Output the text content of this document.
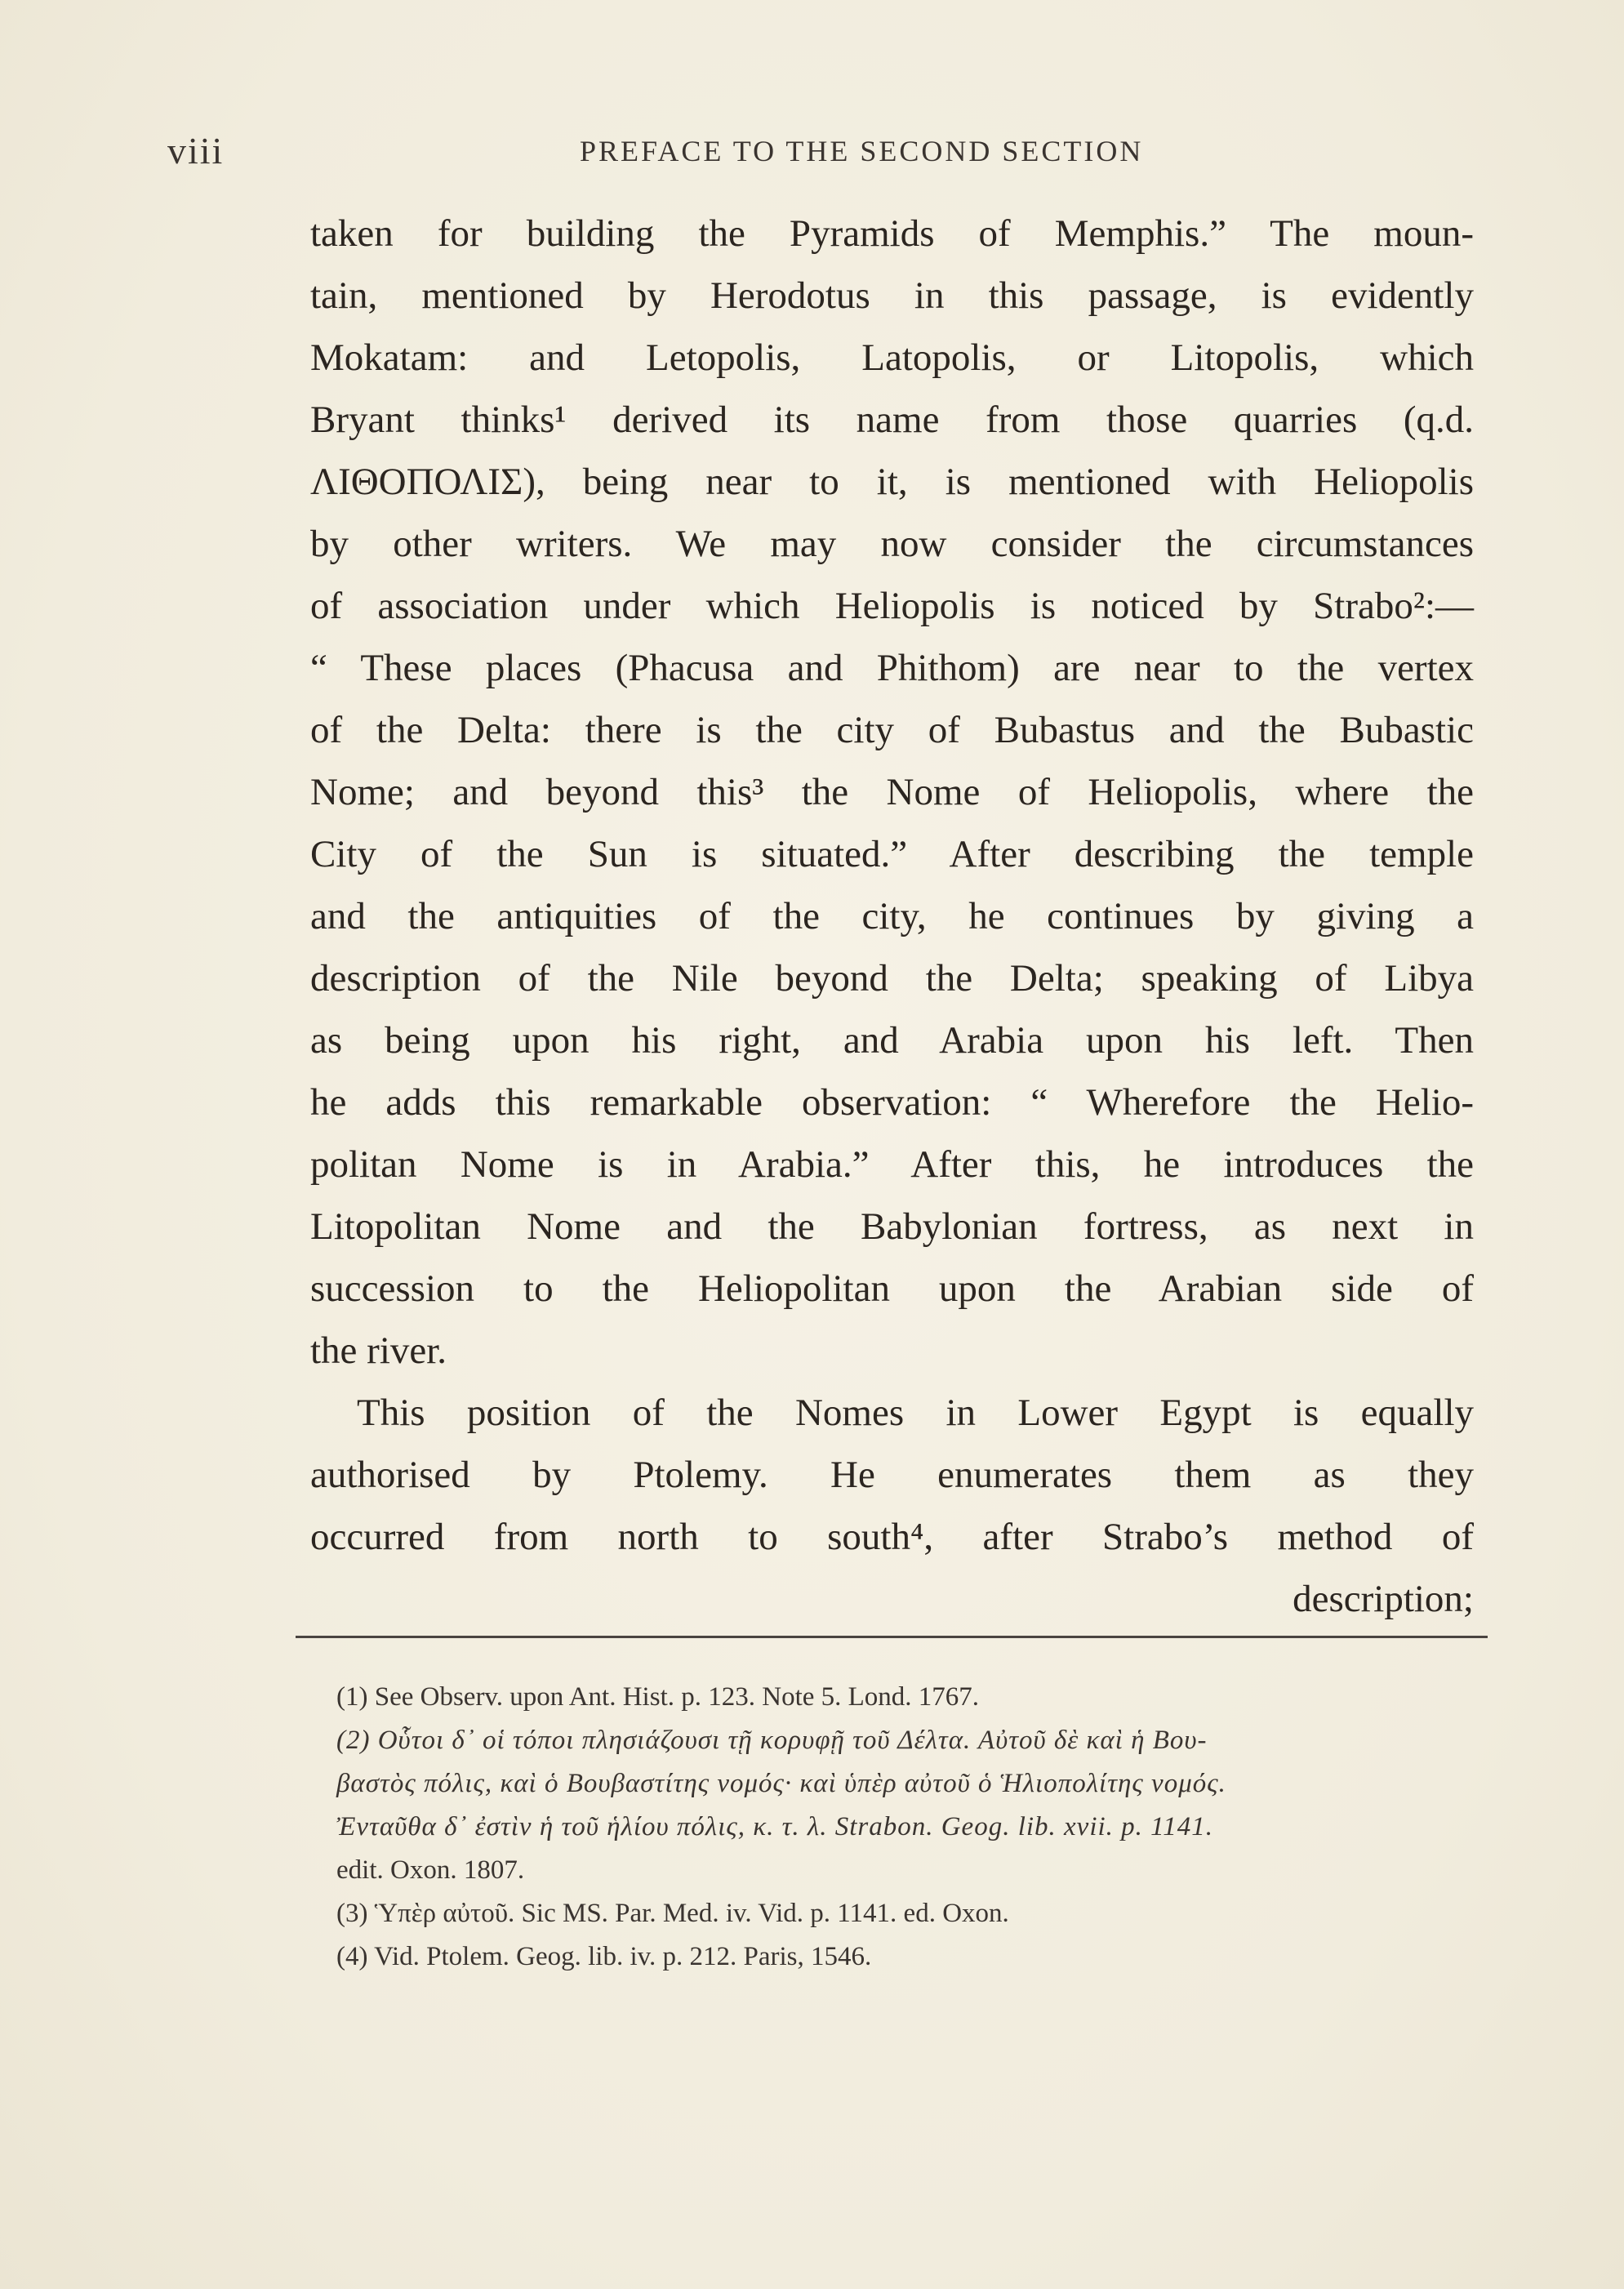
viii	PREFACE TO THE SECOND SECTION
taken for building the Pyramids of Memphis.” The moun-
tain, mentioned by Herodotus in this passage, is evidently
Mokatam: and Letopolis, Latopolis, or Litopolis, which
Bryant thinks¹ derived its name from those quarries (q.d.
ΛΙΘΟΠΟΛΙΣ), being near to it, is mentioned with Heliopolis
by other writers. We may now consider the circumstances
of association under which Heliopolis is noticed by Strabo²:—
“ These places (Phacusa and Phithom) are near to the vertex
of the Delta: there is the city of Bubastus and the Bubastic
Nome; and beyond this³ the Nome of Heliopolis, where the
City of the Sun is situated.” After describing the temple
and the antiquities of the city, he continues by giving a
description of the Nile beyond the Delta; speaking of Libya
as being upon his right, and Arabia upon his left. Then
he adds this remarkable observation: “ Wherefore the Helio-
politan Nome is in Arabia.” After this, he introduces the
Litopolitan Nome and the Babylonian fortress, as next in
succession to the Heliopolitan upon the Arabian side of
the river.
This position of the Nomes in Lower Egypt is equally
authorised by Ptolemy. He enumerates them as they
occurred from north to south⁴, after Strabo’s method of
description;
(1) See Observ. upon Ant. Hist. p. 123. Note 5. Lond. 1767.
(2) Οὗτοι δ᾽ οἱ τόποι πλησιάζουσι τῇ κορυφῇ τοῦ Δέλτα. Αὐτοῦ δὲ καὶ ἡ Βου-
βαστὸς πόλις, καὶ ὁ Βουβαστίτης νομός· καὶ ὑπὲρ αὐτοῦ ὁ Ἡλιοπολίτης νομός.
Ἐνταῦθα δ᾽ ἐστὶν ἡ τοῦ ἡλίου πόλις, κ. τ. λ. Strabon. Geog. lib. xvii. p. 1141.
edit. Oxon. 1807.
(3) Ὑπὲρ αὐτοῦ. Sic MS. Par. Med. iv. Vid. p. 1141. ed. Oxon.
(4) Vid. Ptolem. Geog. lib. iv. p. 212. Paris, 1546.
